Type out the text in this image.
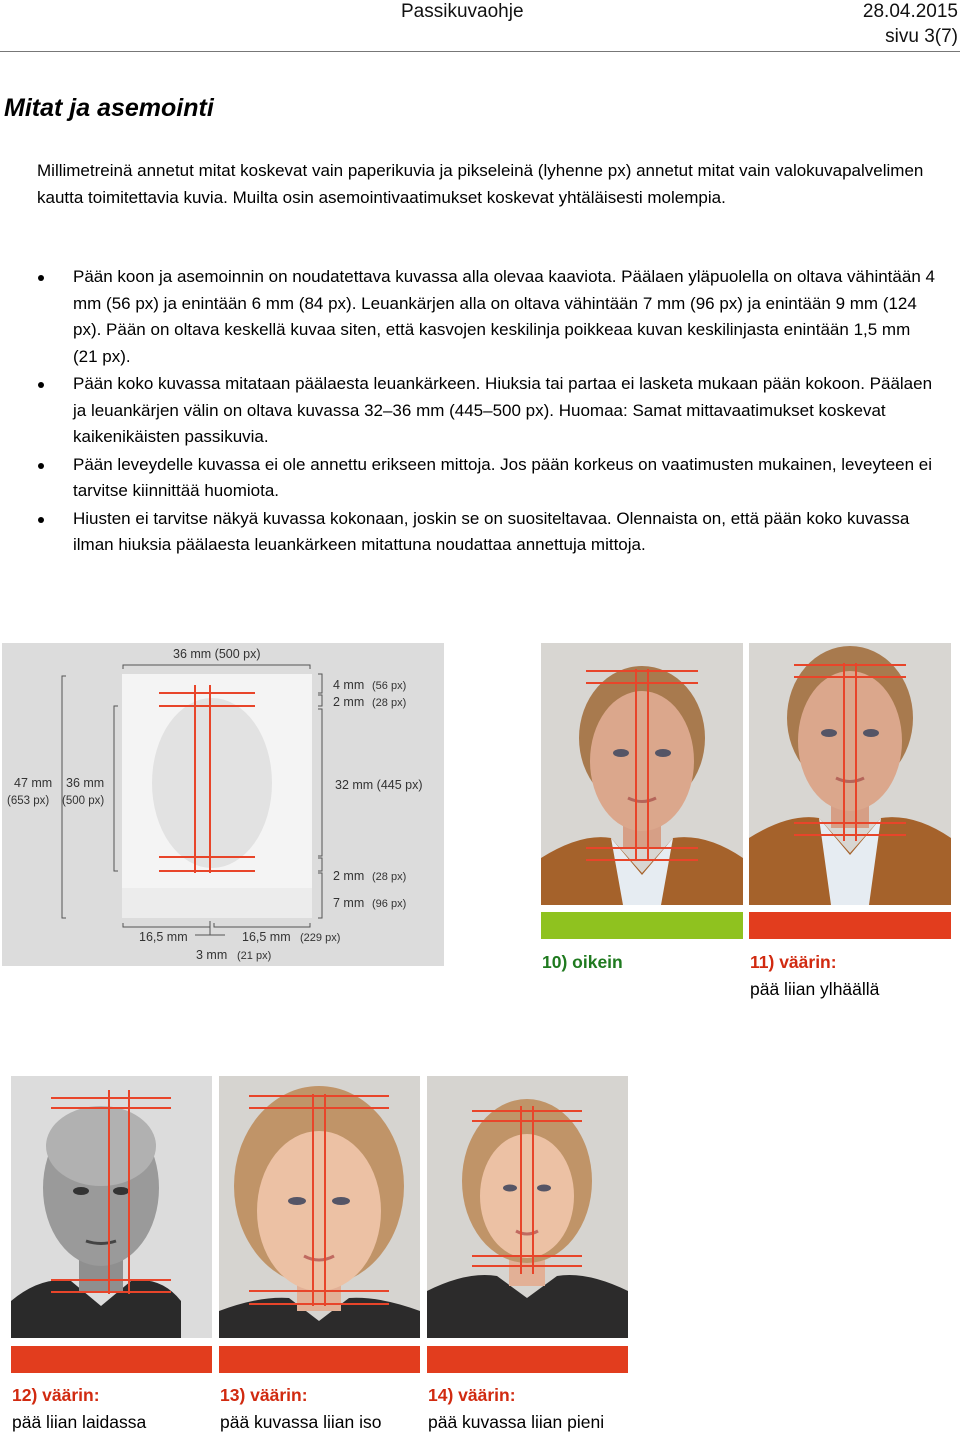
Passikuvaohje	28.04.2015
sivu 3(7)
Mitat ja asemointi

Millimetreinä annetut mitat koskevat vain paperikuvia ja pikseleinä (lyhenne px) annetut mitat vain valokuvapalvelimen kautta toimitettavia kuvia. Muilta osin asemointivaatimukset koskevat yhtäläisesti molempia.

Pään koon ja asemoinnin on noudatettava kuvassa alla olevaa kaaviota. Päälaen yläpuolella on oltava vähintään 4 mm (56 px) ja enintään 6 mm (84 px). Leuankärjen alla on oltava vähintään 7 mm (96 px) ja enintään 9 mm (124 px). Pään on oltava keskellä kuvaa siten, että kasvojen keskilinja poikkeaa kuvan keskilinjasta enintään 1,5 mm (21 px).
Pään koko kuvassa mitataan päälaesta leuankärkeen. Hiuksia tai partaa ei lasketa mukaan pään kokoon. Päälaen ja leuankärjen välin on oltava kuvassa 32–36 mm (445–500 px). Huomaa: Samat mittavaatimukset koskevat kaikenikäisten passikuvia.
Pään leveydelle kuvassa ei ole annettu erikseen mittoja. Jos pään korkeus on vaatimusten mukainen, leveyteen ei tarvitse kiinnittää huomiota.
Hiusten ei tarvitse näkyä kuvassa kokonaan, joskin se on suositeltavaa. Olennaista on, että pään koko kuvassa ilman hiuksia päälaesta leuankärkeen mitattuna noudattaa annettuja mittoja.
36 mm (500 px)
4 mm (56 px)
2 mm (28 px)
47 mm
(653 px)
36 mm
(500 px)
32 mm (445 px)
2 mm (28 px)
7 mm (96 px)
16,5 mm	16,5 mm (229 px)
3 mm (21 px)	10) oikein	11) väärin:
pää liian ylhäällä
12) väärin:
pää liian laidassa
13) väärin:
pää kuvassa liian iso
14) väärin:
pää kuvassa liian pieni
